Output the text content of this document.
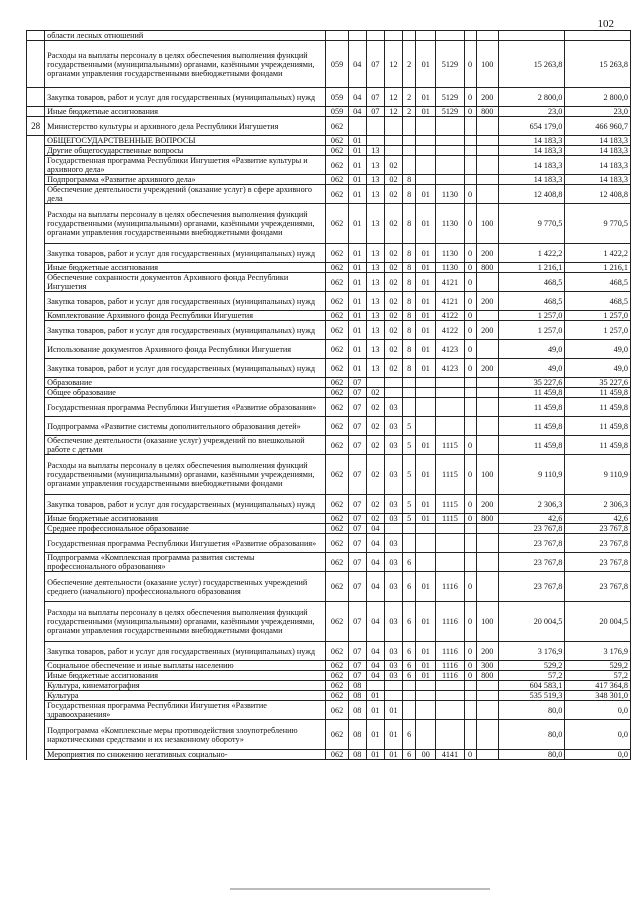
102
	области лесных отношений											
	Расходы на выплаты персоналу в целях обеспечения выполнения функций государственными (муниципальными) органами, казёнными учреждениями, органами управления государственными внебюджетными фондами	059	04	07	12	2	01	5129	0	100	15 263,8	15 263,8
	Закупка товаров, работ и услуг для государственных (муниципальных) нужд	059	04	07	12	2	01	5129	0	200	2 800,0	2 800,0
	Иные бюджетные ассигнования	059	04	07	12	2	01	5129	0	800	23,0	23,0
28	Министерство культуры и архивного дела Республики Ингушетия	062									654 179,0	466 960,7
	ОБЩЕГОСУДАРСТВЕННЫЕ ВОПРОСЫ	062	01								14 183,3	14 183,3
	Другие общегосударственные вопросы	062	01	13							14 183,3	14 183,3
	Государственная программа Республики Ингушетия «Развитие культуры и архивного дела»	062	01	13	02						14 183,3	14 183,3
	Подпрограмма «Развитие архивного дела»	062	01	13	02	8					14 183,3	14 183,3
	Обеспечение деятельности учреждений (оказание услуг) в сфере архивного дела	062	01	13	02	8	01	1130	0		12 408,8	12 408,8
	Расходы на выплаты персоналу в целях обеспечения выполнения функций государственными (муниципальными) органами, казёнными учреждениями, органами управления государственными внебюджетными фондами	062	01	13	02	8	01	1130	0	100	9 770,5	9 770,5
	Закупка товаров, работ и услуг для государственных (муниципальных) нужд	062	01	13	02	8	01	1130	0	200	1 422,2	1 422,2
	Иные бюджетные ассигнования	062	01	13	02	8	01	1130	0	800	1 216,1	1 216,1
	Обеспечение сохранности документов Архивного фонда Республики Ингушетия	062	01	13	02	8	01	4121	0		468,5	468,5
	Закупка товаров, работ и услуг для государственных (муниципальных) нужд	062	01	13	02	8	01	4121	0	200	468,5	468,5
	Комплектование Архивного фонда Республики Ингушетия	062	01	13	02	8	01	4122	0		1 257,0	1 257,0
	Закупка товаров, работ и услуг для государственных (муниципальных) нужд	062	01	13	02	8	01	4122	0	200	1 257,0	1 257,0
	Использование документов Архивного фонда Республики Ингушетия	062	01	13	02	8	01	4123	0		49,0	49,0
	Закупка товаров, работ и услуг для государственных (муниципальных) нужд	062	01	13	02	8	01	4123	0	200	49,0	49,0
	Образование	062	07								35 227,6	35 227,6
	Общее образование	062	07	02							11 459,8	11 459,8
	Государственная программа Республики Ингушетия «Развитие образования»	062	07	02	03						11 459,8	11 459,8
	Подпрограмма «Развитие системы дополнительного образования детей»	062	07	02	03	5					11 459,8	11 459,8
	Обеспечение деятельности (оказание услуг) учреждений по внешкольной работе с детьми	062	07	02	03	5	01	1115	0		11 459,8	11 459,8
	Расходы на выплаты персоналу в целях обеспечения выполнения функций государственными (муниципальными) органами, казёнными учреждениями, органами управления государственными внебюджетными фондами	062	07	02	03	5	01	1115	0	100	9 110,9	9 110,9
	Закупка товаров, работ и услуг для государственных (муниципальных) нужд	062	07	02	03	5	01	1115	0	200	2 306,3	2 306,3
	Иные бюджетные ассигнования	062	07	02	03	5	01	1115	0	800	42,6	42,6
	Среднее профессиональное образование	062	07	04							23 767,8	23 767,8
	Государственная программа Республики Ингушетия «Развитие образования»	062	07	04	03						23 767,8	23 767,8
	Подпрограмма «Комплексная программа развития системы профессионального образования»	062	07	04	03	6					23 767,8	23 767,8
	Обеспечение деятельности (оказание услуг) государственных учреждений среднего (начального) профессионального образования	062	07	04	03	6	01	1116	0		23 767,8	23 767,8
	Расходы на выплаты персоналу в целях обеспечения выполнения функций государственными (муниципальными) органами, казёнными учреждениями, органами управления государственными внебюджетными фондами	062	07	04	03	6	01	1116	0	100	20 004,5	20 004,5
	Закупка товаров, работ и услуг для государственных (муниципальных) нужд	062	07	04	03	6	01	1116	0	200	3 176,9	3 176,9
	Социальное обеспечение и иные выплаты населению	062	07	04	03	6	01	1116	0	300	529,2	529,2
	Иные бюджетные ассигнования	062	07	04	03	6	01	1116	0	800	57,2	57,2
	Культура, кинематография	062	08								604 583,1	417 364,8
	Культура	062	08	01							535 519,3	348 301,0
	Государственная программа Республики Ингушетия «Развитие здравоохранения»	062	08	01	01						80,0	0,0
	Подпрограмма «Комплексные меры противодействия злоупотреблению наркотическими средствами и их незаконному обороту»	062	08	01	01	6					80,0	0,0
	Мероприятия по снижению негативных социально-	062	08	01	01	6	00	4141	0		80,0	0,0
